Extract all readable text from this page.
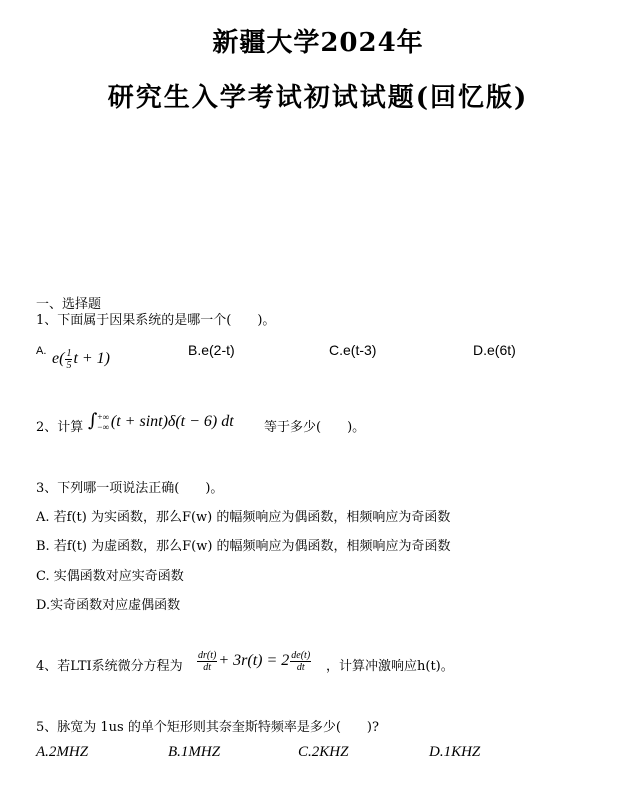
新疆大学2024年
研究生入学考试初试试题(回忆版)
一、选择题
1、下面属于因果系统的是哪一个(　　)。
A. $e( \frac{1}{5}$ t + 1)
B.e(2-t)	C.e(t-3)	D.e(6t)
2、计算 ∫ +∞
−∞ (t + sint)δ(t − 6) dt 等于多少(　　)。
3、下列哪一项说法正确(　　)。
A. 若f(t) 为实函数，那么F(w) 的幅频响应为偶函数，相频响应为奇函数
B. 若f(t) 为虚函数，那么F(w) 的幅频响应为偶函数，相频响应为奇函数
C. 实偶函数对应实奇函数
D.实奇函数对应虚偶函数
4、若LTI系统微分方程为 $\frac{dr(t)}{dt} + 3r(t) = 2 \frac{de(t)}{dt}$ ，计算冲激响应h(t)。
5、脉宽为 1us 的单个矩形则其奈奎斯特频率是多少(　　)?
A.2MHZ	B.1MHZ	C.2KHZ	D.1KHZ
